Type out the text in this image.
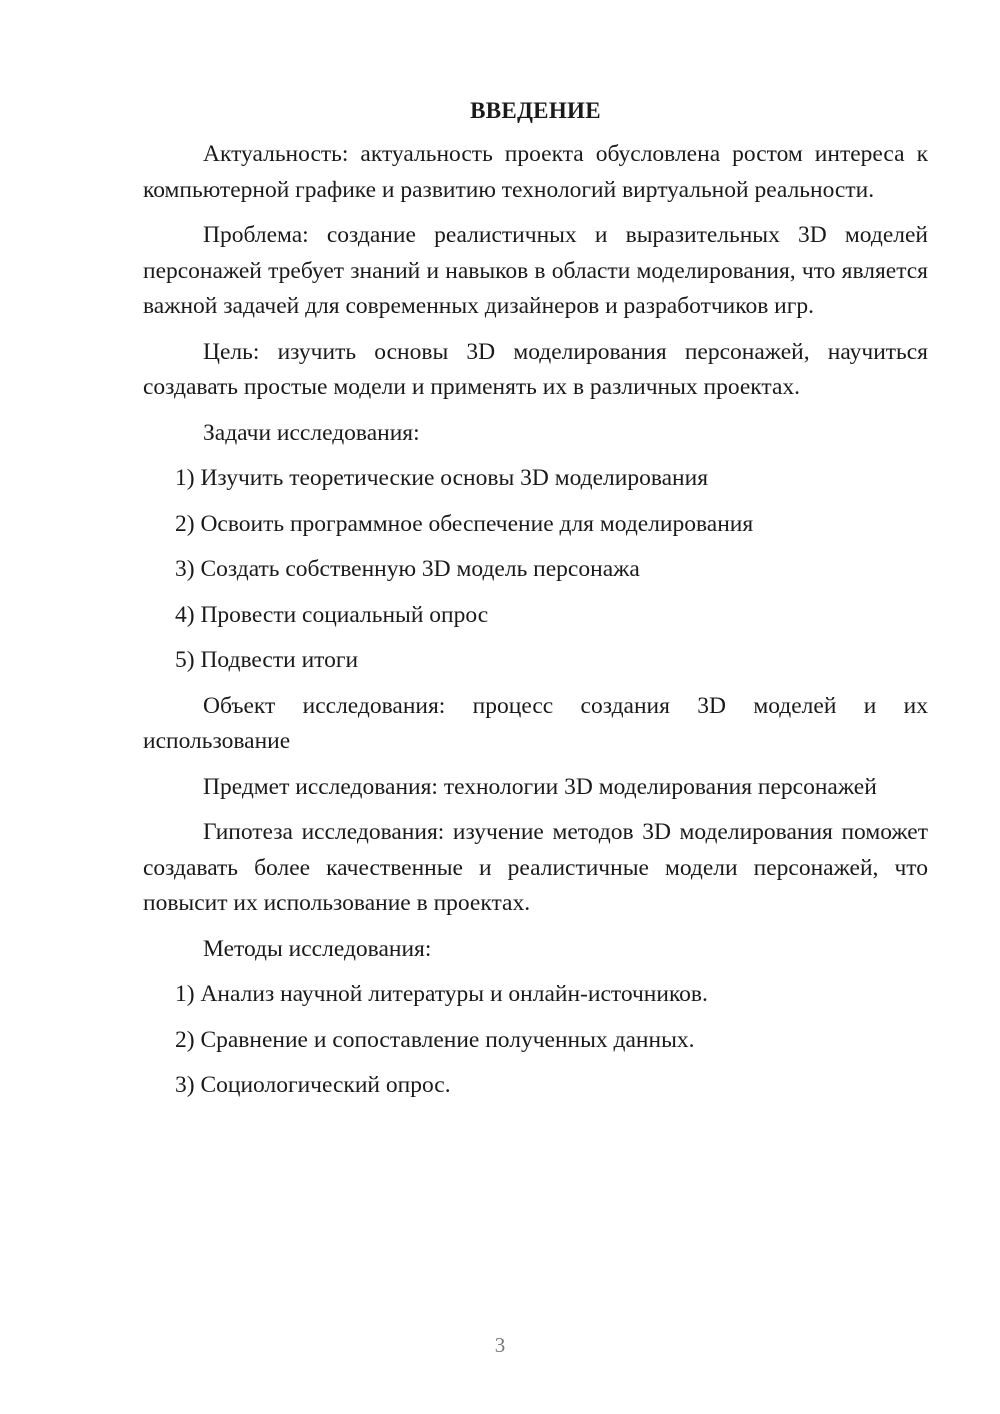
ВВЕДЕНИЕ

Актуальность: актуальность проекта обусловлена ростом интереса к компьютерной графике и развитию технологий виртуальной реальности.

Проблема: создание реалистичных и выразительных 3D моделей персонажей требует знаний и навыков в области моделирования, что является важной задачей для современных дизайнеров и разработчиков игр.

Цель: изучить основы 3D моделирования персонажей, научиться создавать простые модели и применять их в различных проектах.

Задачи исследования:

1) Изучить теоретические основы 3D моделирования

2) Освоить программное обеспечение для моделирования

3) Создать собственную 3D модель персонажа

4) Провести социальный опрос

5) Подвести итоги

Объект исследования: процесс создания 3D моделей и их использование

Предмет исследования: технологии 3D моделирования персонажей

Гипотеза исследования: изучение методов 3D моделирования поможет создавать более качественные и реалистичные модели персонажей, что повысит их использование в проектах.

Методы исследования:

1) Анализ научной литературы и онлайн-источников.

2) Сравнение и сопоставление полученных данных.

3) Социологический опрос.

3
